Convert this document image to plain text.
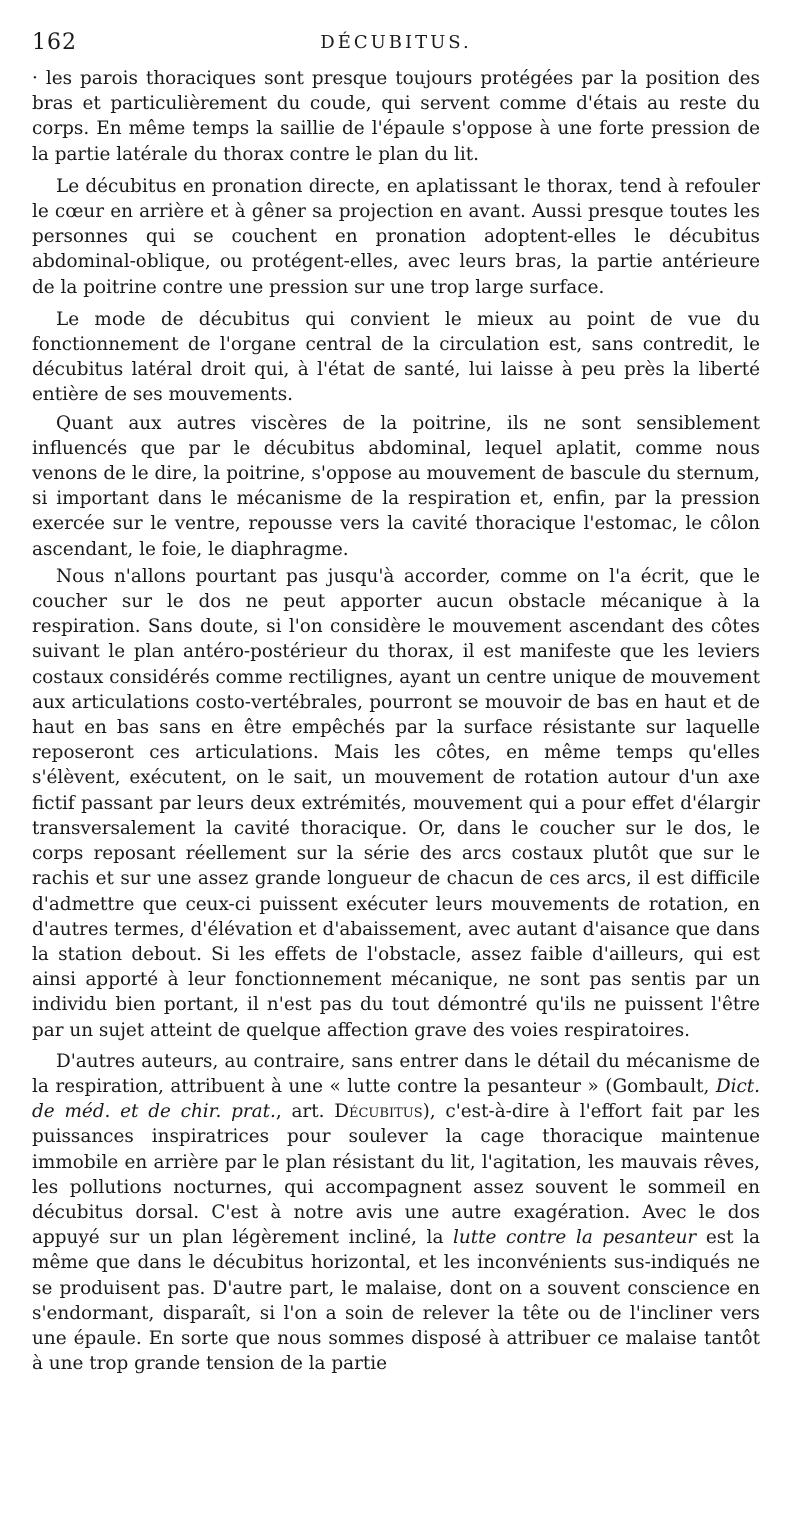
162	DÉCUBITUS.

· les parois thoraciques sont presque toujours protégées par la position des bras et particulièrement du coude, qui servent comme d'étais au reste du corps. En même temps la saillie de l'épaule s'oppose à une forte pression de la partie latérale du thorax contre le plan du lit.

Le décubitus en pronation directe, en aplatissant le thorax, tend à refouler le cœur en arrière et à gêner sa projection en avant. Aussi presque toutes les personnes qui se couchent en pronation adoptent-elles le décubitus abdominal-oblique, ou protégent-elles, avec leurs bras, la partie antérieure de la poitrine contre une pression sur une trop large surface.

Le mode de décubitus qui convient le mieux au point de vue du fonctionnement de l'organe central de la circulation est, sans contredit, le décubitus latéral droit qui, à l'état de santé, lui laisse à peu près la liberté entière de ses mouvements.

Quant aux autres viscères de la poitrine, ils ne sont sensiblement influencés que par le décubitus abdominal, lequel aplatit, comme nous venons de le dire, la poitrine, s'oppose au mouvement de bascule du sternum, si important dans le mécanisme de la respiration et, enfin, par la pression exercée sur le ventre, repousse vers la cavité thoracique l'estomac, le côlon ascendant, le foie, le diaphragme.

Nous n'allons pourtant pas jusqu'à accorder, comme on l'a écrit, que le coucher sur le dos ne peut apporter aucun obstacle mécanique à la respiration. Sans doute, si l'on considère le mouvement ascendant des côtes suivant le plan antéro-postérieur du thorax, il est manifeste que les leviers costaux considérés comme rectilignes, ayant un centre unique de mouvement aux articulations costo-vertébrales, pourront se mouvoir de bas en haut et de haut en bas sans en être empêchés par la surface résistante sur laquelle reposeront ces articulations. Mais les côtes, en même temps qu'elles s'élèvent, exécutent, on le sait, un mouvement de rotation autour d'un axe fictif passant par leurs deux extrémités, mouvement qui a pour effet d'élargir transversalement la cavité thoracique. Or, dans le coucher sur le dos, le corps reposant réellement sur la série des arcs costaux plutôt que sur le rachis et sur une assez grande longueur de chacun de ces arcs, il est difficile d'admettre que ceux-ci puissent exécuter leurs mouvements de rotation, en d'autres termes, d'élévation et d'abaissement, avec autant d'aisance que dans la station debout. Si les effets de l'obstacle, assez faible d'ailleurs, qui est ainsi apporté à leur fonctionnement mécanique, ne sont pas sentis par un individu bien portant, il n'est pas du tout démontré qu'ils ne puissent l'être par un sujet atteint de quelque affection grave des voies respiratoires.

D'autres auteurs, au contraire, sans entrer dans le détail du mécanisme de la respiration, attribuent à une « lutte contre la pesanteur » (Gombault, Dict. de méd. et de chir. prat., art. Décubitus), c'est-à-dire à l'effort fait par les puissances inspiratrices pour soulever la cage thoracique maintenue immobile en arrière par le plan résistant du lit, l'agitation, les mauvais rêves, les pollutions nocturnes, qui accompagnent assez souvent le sommeil en décubitus dorsal. C'est à notre avis une autre exagération. Avec le dos appuyé sur un plan légèrement incliné, la lutte contre la pesanteur est la même que dans le décubitus horizontal, et les inconvénients sus-indiqués ne se produisent pas. D'autre part, le malaise, dont on a souvent conscience en s'endormant, disparaît, si l'on a soin de relever la tête ou de l'incliner vers une épaule. En sorte que nous sommes disposé à attribuer ce malaise tantôt à une trop grande tension de la partie
